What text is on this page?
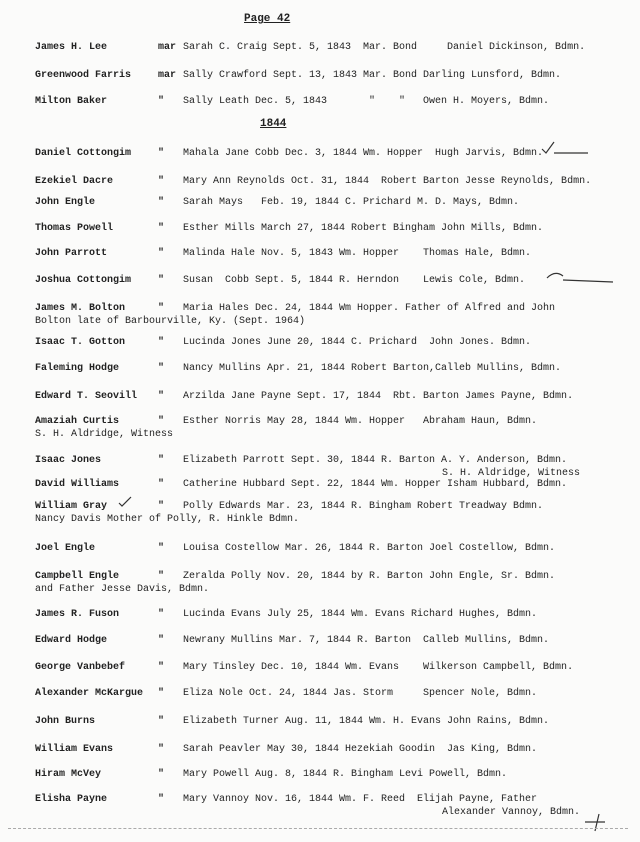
Page 42
1844
James H. Lee	mar Sarah C. Craig Sept. 5, 1843  Mar. Bond     Daniel Dickinson, Bdmn.
Greenwood Farris	mar Sally Crawford Sept. 13, 1843 Mar. Bond Darling Lunsford, Bdmn.
Milton Baker	" Sally Leath Dec. 5, 1843       "    "   Owen H. Moyers, Bdmn.
Daniel Cottongim	" Mahala Jane Cobb Dec. 3, 1844 Wm. Hopper  Hugh Jarvis, Bdmn.
Ezekiel Dacre	" Mary Ann Reynolds Oct. 31, 1844  Robert Barton Jesse Reynolds, Bdmn.
John Engle	" Sarah Mays   Feb. 19, 1844 C. Prichard M. D. Mays, Bdmn.
Thomas Powell	" Esther Mills March 27, 1844 Robert Bingham John Mills, Bdmn.
John Parrott	" Malinda Hale Nov. 5, 1843 Wm. Hopper    Thomas Hale, Bdmn.
Joshua Cottongim	" Susan  Cobb Sept. 5, 1844 R. Herndon    Lewis Cole, Bdmn.
James M. Bolton	" Maria Hales Dec. 24, 1844 Wm Hopper. Father of Alfred and John
Bolton late of Barbourville, Ky. (Sept. 1964)
Isaac T. Gotton	" Lucinda Jones June 20, 1844 C. Prichard  John Jones. Bdmn.
Faleming Hodge	" Nancy Mullins Apr. 21, 1844 Robert Barton,Calleb Mullins, Bdmn.
Edward T. Seovill " Arzilda Jane Payne Sept. 17, 1844  Rbt. Barton James Payne, Bdmn.
Amaziah Curtis	" Esther Norris May 28, 1844 Wm. Hopper   Abraham Haun, Bdmn.
S. H. Aldridge, Witness
Isaac Jones	" Elizabeth Parrott Sept. 30, 1844 R. Barton A. Y. Anderson, Bdmn.
S. H. Aldridge, Witness
David Williams	" Catherine Hubbard Sept. 22, 1844 Wm. Hopper Isham Hubbard, Bdmn.
William Gray	" Polly Edwards Mar. 23, 1844 R. Bingham Robert Treadway Bdmn.
Nancy Davis Mother of Polly, R. Hinkle Bdmn.
Joel Engle	" Louisa Costellow Mar. 26, 1844 R. Barton Joel Costellow, Bdmn.
Campbell Engle	" Zeralda Polly Nov. 20, 1844 by R. Barton John Engle, Sr. Bdmn.
and Father Jesse Davis, Bdmn.
James R. Fuson	" Lucinda Evans July 25, 1844 Wm. Evans Richard Hughes, Bdmn.
Edward Hodge	" Newrany Mullins Mar. 7, 1844 R. Barton  Calleb Mullins, Bdmn.
George Vanbebef	" Mary Tinsley Dec. 10, 1844 Wm. Evans    Wilkerson Campbell, Bdmn.
Alexander McKargue " Eliza Nole Oct. 24, 1844 Jas. Storm     Spencer Nole, Bdmn.
John Burns	" Elizabeth Turner Aug. 11, 1844 Wm. H. Evans John Rains, Bdmn.
William Evans	" Sarah Peavler May 30, 1844 Hezekiah Goodin  Jas King, Bdmn.
Hiram McVey	" Mary Powell Aug. 8, 1844 R. Bingham Levi Powell, Bdmn.
Elisha Payne	" Mary Vannoy Nov. 16, 1844 Wm. F. Reed  Elijah Payne, Father
Alexander Vannoy, Bdmn.
